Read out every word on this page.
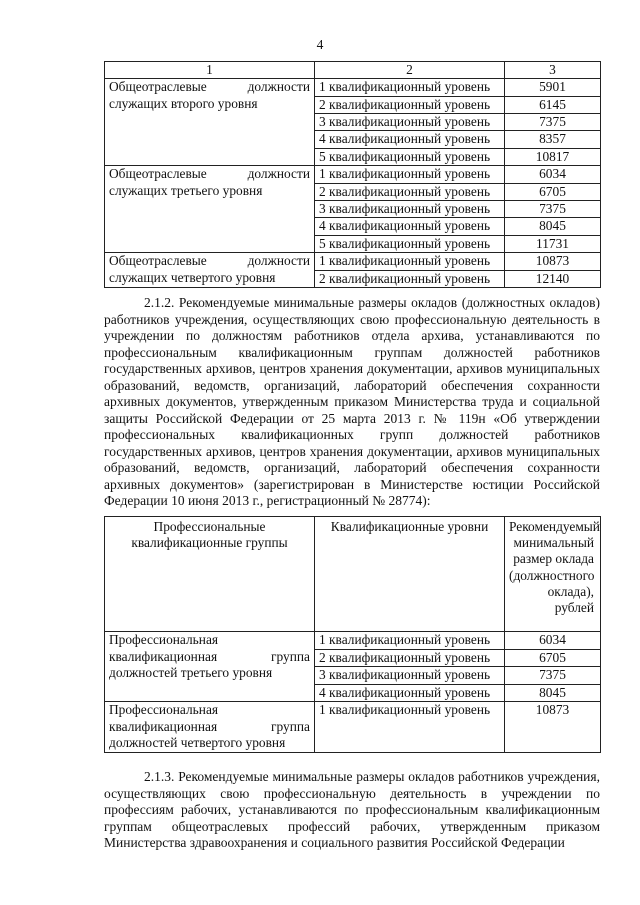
4
1	2	3
Общеотраслевые должности служащих второго уровня	1 квалификационный уровень	5901
	2 квалификационный уровень	6145
	3 квалификационный уровень	7375
	4 квалификационный уровень	8357
	5 квалификационный уровень	10817
Общеотраслевые должности служащих третьего уровня	1 квалификационный уровень	6034
	2 квалификационный уровень	6705
	3 квалификационный уровень	7375
	4 квалификационный уровень	8045
	5 квалификационный уровень	11731
Общеотраслевые должности служащих четвертого уровня	1 квалификационный уровень	10873
	2 квалификационный уровень	12140

2.1.2. Рекомендуемые минимальные размеры окладов (должностных окладов) работников учреждения, осуществляющих свою профессиональную деятельность в учреждении по должностям работников отдела архива, устанавливаются по профессиональным квалификационным группам должностей работников государственных архивов, центров хранения документации, архивов муниципальных образований, ведомств, организаций, лабораторий обеспечения сохранности архивных документов, утвержденным приказом Министерства труда и социальной защиты Российской Федерации от 25 марта 2013 г. № 119н «Об утверждении профессиональных квалификационных групп должностей работников государственных архивов, центров хранения документации, архивов муниципальных образований, ведомств, организаций, лабораторий обеспечения сохранности архивных документов» (зарегистрирован в Министерстве юстиции Российской Федерации 10 июня 2013 г., регистрационный № 28774):

Профессиональные квалификационные группы	Квалификационные уровни	Рекомендуемый минимальный размер оклада (должностного оклада), рублей
Профессиональная квалификационная группа должностей третьего уровня	1 квалификационный уровень	6034
	2 квалификационный уровень	6705
	3 квалификационный уровень	7375
	4 квалификационный уровень	8045
Профессиональная квалификационная группа должностей четвертого уровня	1 квалификационный уровень	10873

2.1.3. Рекомендуемые минимальные размеры окладов работников учреждения, осуществляющих свою профессиональную деятельность в учреждении по профессиям рабочих, устанавливаются по профессиональным квалификационным группам общеотраслевых профессий рабочих, утвержденным приказом Министерства здравоохранения и социального развития Российской Федерации
